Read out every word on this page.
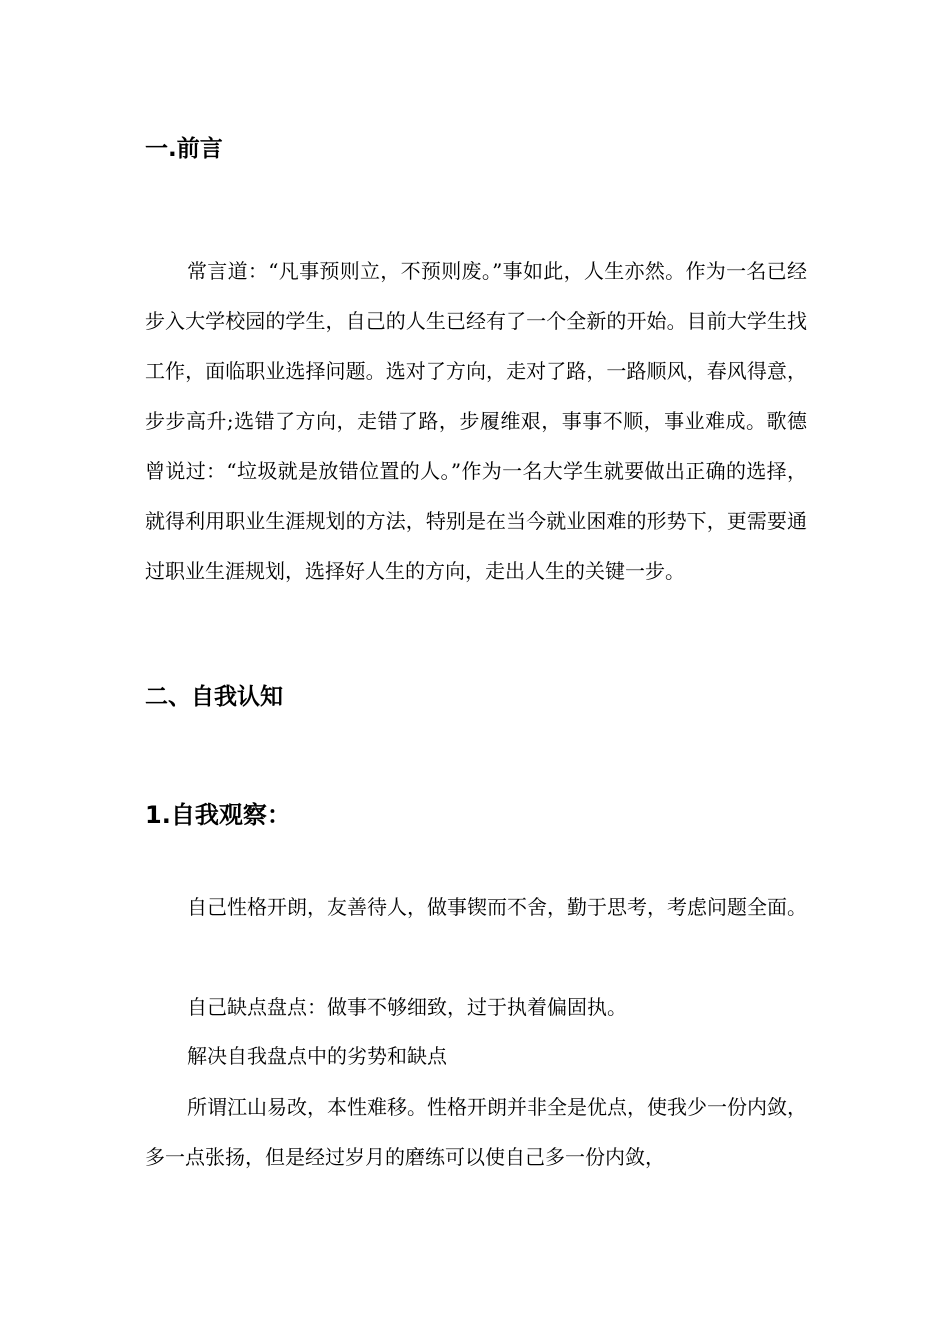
一.前言

常言道：“凡事预则立，不预则废。”事如此，人生亦然。作为一名已经步入大学校园的学生，自己的人生已经有了一个全新的开始。目前大学生找工作，面临职业选择问题。选对了方向，走对了路，一路顺风，春风得意，步步高升;选错了方向，走错了路，步履维艰，事事不顺，事业难成。歌德曾说过：“垃圾就是放错位置的人。”作为一名大学生就要做出正确的选择，就得利用职业生涯规划的方法，特别是在当今就业困难的形势下，更需要通过职业生涯规划，选择好人生的方向，走出人生的关键一步。

二、自我认知
1.自我观察：

自己性格开朗，友善待人，做事锲而不舍，勤于思考，考虑问题全面。

自己缺点盘点：做事不够细致，过于执着偏固执。

解决自我盘点中的劣势和缺点

所谓江山易改，本性难移。性格开朗并非全是优点，使我少一份内敛，多一点张扬，但是经过岁月的磨练可以使自己多一份内敛，
